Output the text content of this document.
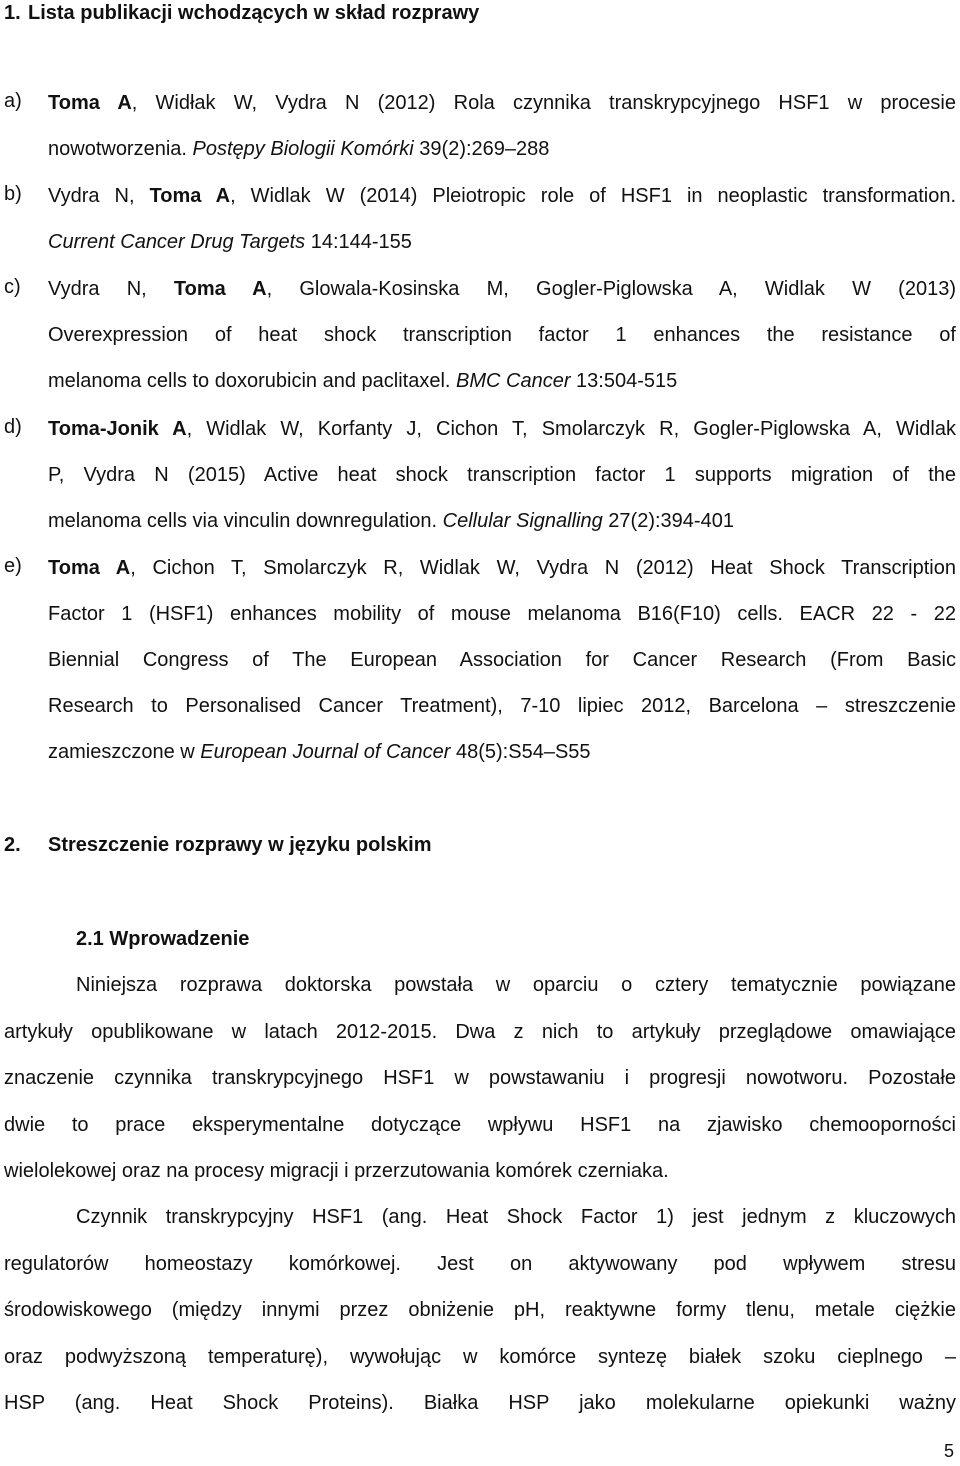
1. Lista publikacji wchodzących w skład rozprawy
a) Toma A, Widłak W, Vydra N (2012) Rola czynnika transkrypcyjnego HSF1 w procesie
nowotworzenia. Postępy Biologii Komórki 39(2):269–288
b) Vydra N, Toma A, Widlak W (2014) Pleiotropic role of HSF1 in neoplastic transformation.
Current Cancer Drug Targets 14:144-155
c) Vydra N, Toma A, Glowala-Kosinska M, Gogler-Piglowska A, Widlak W (2013)
Overexpression of heat shock transcription factor 1 enhances the resistance of
melanoma cells to doxorubicin and paclitaxel. BMC Cancer 13:504-515
d) Toma-Jonik A, Widlak W, Korfanty J, Cichon T, Smolarczyk R, Gogler-Piglowska A, Widlak
P, Vydra N (2015) Active heat shock transcription factor 1 supports migration of the
melanoma cells via vinculin downregulation. Cellular Signalling 27(2):394-401
e) Toma A, Cichon T, Smolarczyk R, Widlak W, Vydra N (2012) Heat Shock Transcription
Factor 1 (HSF1) enhances mobility of mouse melanoma B16(F10) cells. EACR 22 - 22
Biennial Congress of The European Association for Cancer Research (From Basic
Research to Personalised Cancer Treatment), 7-10 lipiec 2012, Barcelona – streszczenie
zamieszczone w European Journal of Cancer 48(5):S54–S55
2. Streszczenie rozprawy w języku polskim
2.1 Wprowadzenie
Niniejsza rozprawa doktorska powstała w oparciu o cztery tematycznie powiązane
artykuły opublikowane w latach 2012-2015. Dwa z nich to artykuły przeglądowe omawiające
znaczenie czynnika transkrypcyjnego HSF1 w powstawaniu i progresji nowotworu. Pozostałe
dwie to prace eksperymentalne dotyczące wpływu HSF1 na zjawisko chemooporności
wielolekowej oraz na procesy migracji i przerzutowania komórek czerniaka.
Czynnik transkrypcyjny HSF1 (ang. Heat Shock Factor 1) jest jednym z kluczowych
regulatorów homeostazy komórkowej. Jest on aktywowany pod wpływem stresu
środowiskowego (między innymi przez obniżenie pH, reaktywne formy tlenu, metale ciężkie
oraz podwyższoną temperaturę), wywołując w komórce syntezę białek szoku cieplnego –
HSP (ang. Heat Shock Proteins). Białka HSP jako molekularne opiekunki ważny
5
